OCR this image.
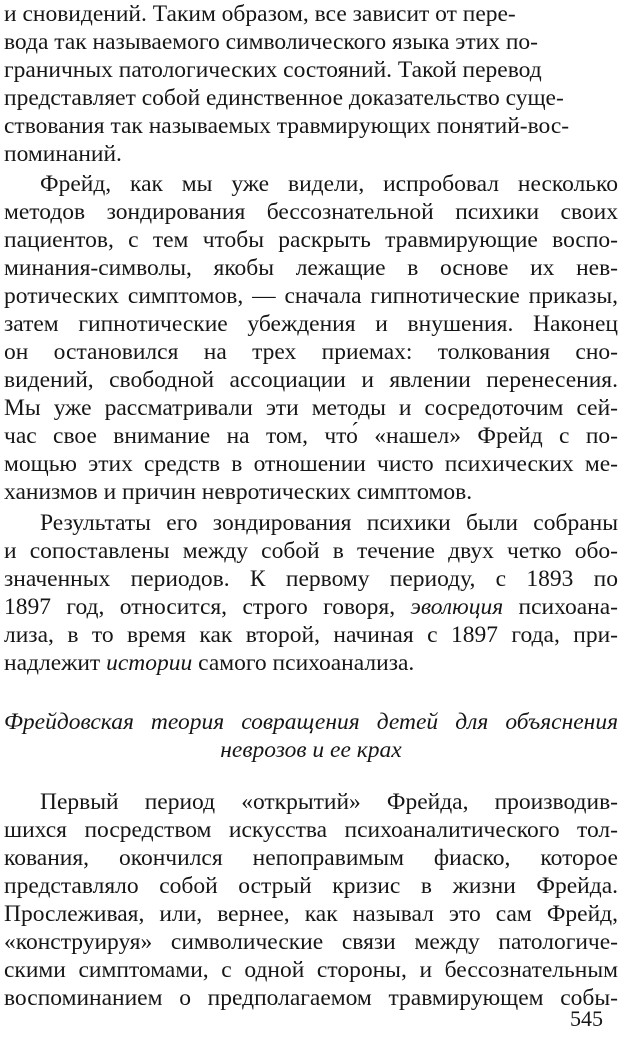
и сновидений. Таким образом, все зависит от пере-
вода так называемого символического языка этих по-
граничных патологических состояний. Такой перевод
представляет собой единственное доказательство суще-
ствования так называемых травмирующих понятий-вос-
поминаний.
Фрейд, как мы уже видели, испробовал несколько
методов зондирования бессознательной психики своих
пациентов, с тем чтобы раскрыть травмирующие воспо-
минания-символы, якобы лежащие в основе их нев-
ротических симптомов, — сначала гипнотические приказы,
затем гипнотические убеждения и внушения. Наконец
он остановился на трех приемах: толкования сно-
видений, свободной ассоциации и явлении перенесения.
Мы уже рассматривали эти методы и сосредоточим сей-
час свое внимание на том, что́ «нашел» Фрейд с по-
мощью этих средств в отношении чисто психических ме-
ханизмов и причин невротических симптомов.
Результаты его зондирования психики были собраны
и сопоставлены между собой в течение двух четко обо-
значенных периодов. К первому периоду, с 1893 по
1897 год, относится, строго говоря, эволюция психоана-
лиза, в то время как второй, начиная с 1897 года, при-
надлежит истории самого психоанализа.
Фрейдовская теория совращения детей для объяснения
неврозов и ее крах
Первый период «открытий» Фрейда, производив-
шихся посредством искусства психоаналитического тол-
кования, окончился непоправимым фиаско, которое
представляло собой острый кризис в жизни Фрейда.
Прослеживая, или, вернее, как называл это сам Фрейд,
«конструируя» символические связи между патологиче-
скими симптомами, с одной стороны, и бессознательным
воспоминанием о предполагаемом травмирующем собы-
545
